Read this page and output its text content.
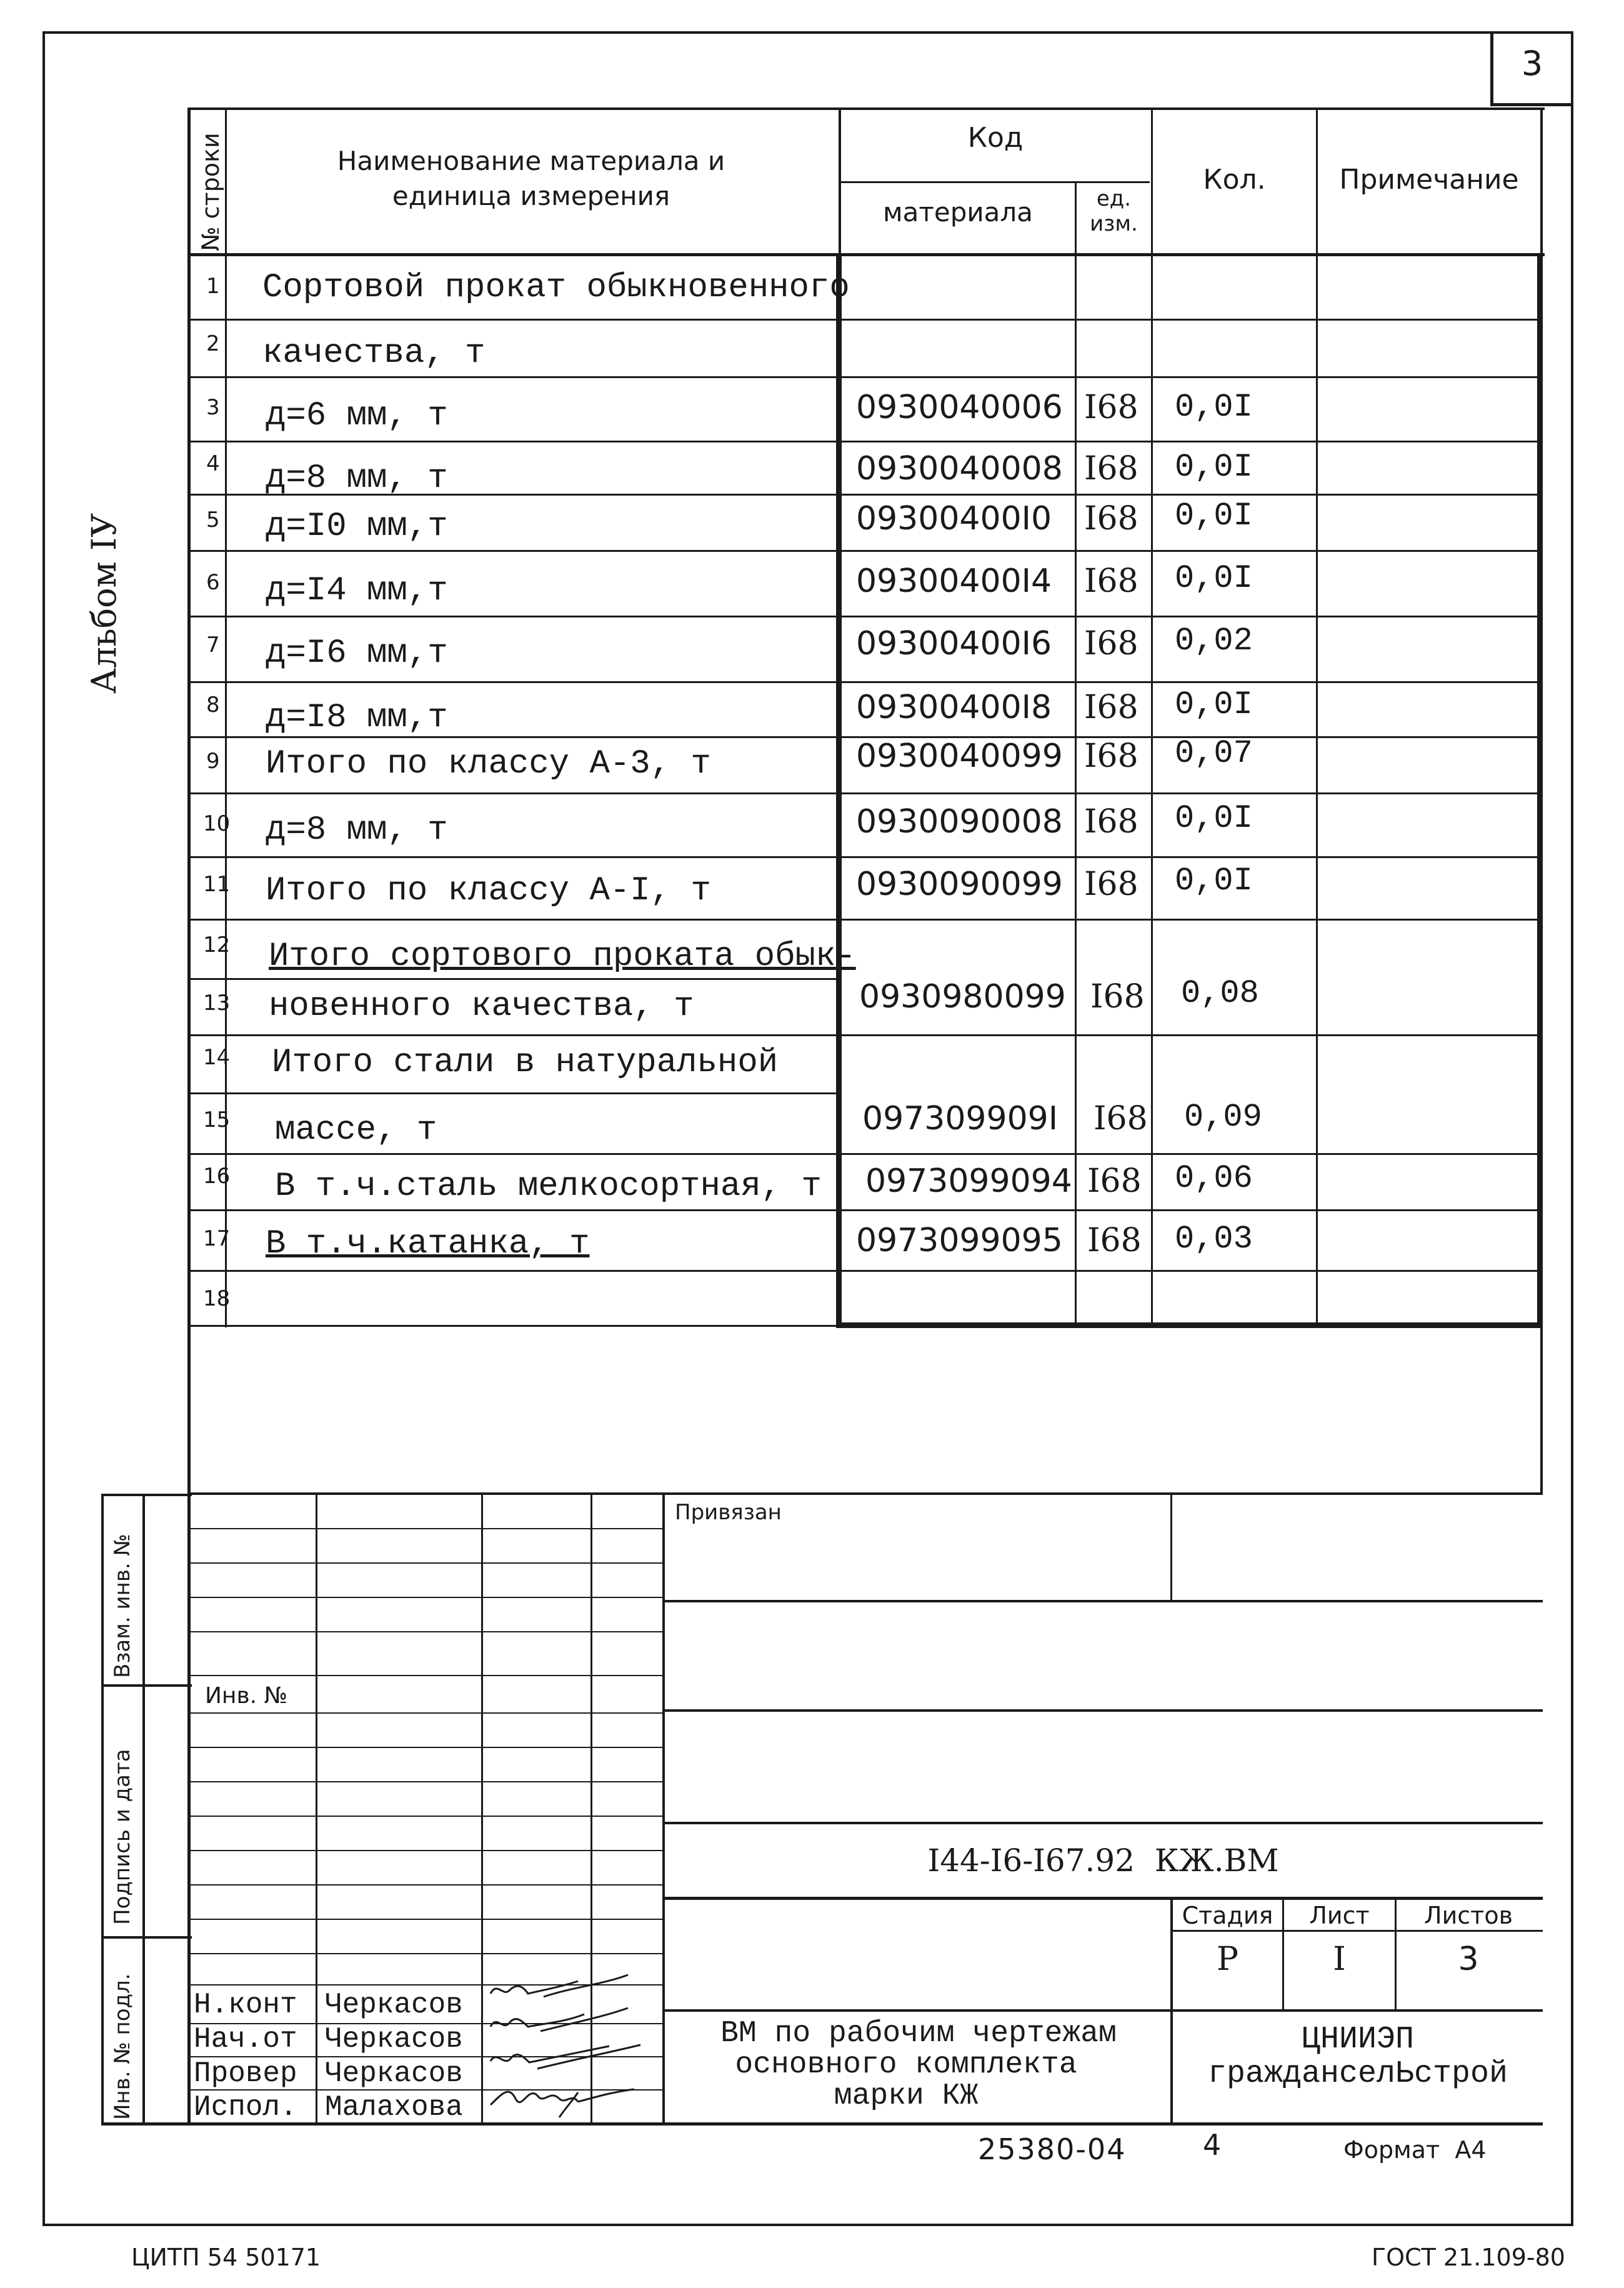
3
Альбом IУ
№ строки	Наименование материала и единица измерения
Код
материала	ед. изм.
Кол.	Примечание
1 Сортовой прокат обыкновенного
2 качества, т
3 д=6 мм, т	0930040006 I68 0,0I
4 д=8 мм, т	0930040008 I68 0,0I
5 д=I0 мм,т	09300400I0 I68 0,0I
6 д=I4 мм,т	09300400I4 I68 0,0I
7 д=I6 мм,т	09300400I6 I68 0,02
8 д=I8 мм,т	09300400I8 I68 0,0I
9 Итого по классу А-3, т	0930040099 I68 0,07
10 д=8 мм, т	0930090008 I68 0,0I
11 Итого по классу А-I, т	0930090099 I68 0,0I
12 Итого сортового проката обык-
13 новенного качества, т	0930980099 I68 0,08
14 Итого стали в натуральной
15 массе, т	097309909I I68 0,09
16 В т.ч.сталь мелкосортная, т 0973099094 I68 0,06
17 В т.ч.катанка, т	0973099095 I68 0,03
18
Взам. инв. №
Подпись и дата
Инв. № подл.
Инв. №
Привязан
I44-I6-I67.92  КЖ.ВМ
Стадия	Лист	Листов
Р	I	3
ВМ по рабочим чертежам
основного комплекта
марки КЖ
ЦНИИЭП
гражданселЬстрой
Н.конт Черкасов
Нач.от Черкасов
Провер Черкасов
Испол. Малахова
25380-04	4	Формат  А4
ЦИТП 54 50171	ГОСТ 21.109-80
